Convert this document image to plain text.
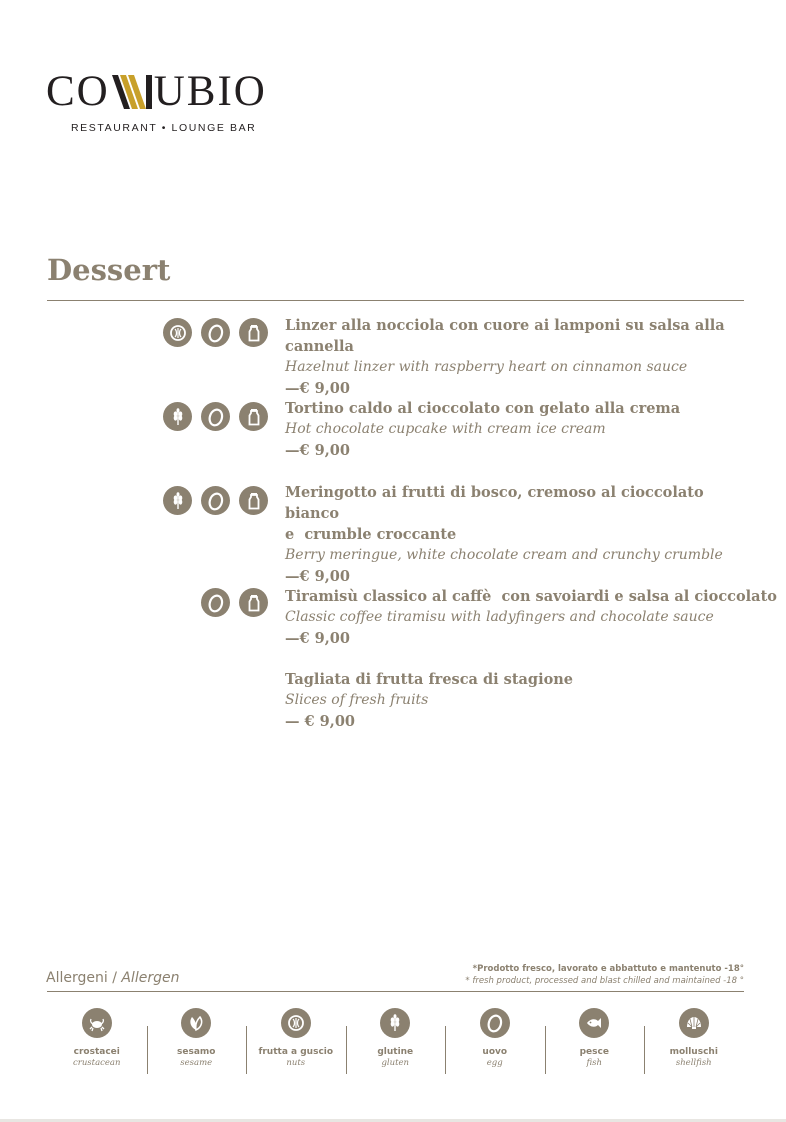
CO UBIO
RESTAURANT • LOUNGE BAR
Dessert
Linzer alla nocciola con cuore ai lamponi su salsa alla cannella
Hazelnut linzer with raspberry heart on cinnamon sauce
—€ 9,00
Tortino caldo al cioccolato con gelato alla crema
Hot chocolate cupcake with cream ice cream
—€ 9,00
Meringotto ai frutti di bosco, cremoso al cioccolato bianco
e  crumble croccante
Berry meringue, white chocolate cream and crunchy crumble
—€ 9,00
Tiramisù classico al caffè  con savoiardi e salsa al cioccolato
Classic coffee tiramisu with ladyfingers and chocolate sauce
—€ 9,00
Tagliata di frutta fresca di stagione
Slices of fresh fruits
— € 9,00
Allergeni / Allergen
*Prodotto fresco, lavorato e abbattuto e mantenuto -18°
* fresh product, processed and blast chilled and maintained -18 °
crostacei
crustacean
sesamo
sesame
frutta a guscio
nuts
glutine
gluten
uovo
egg
pesce
fish
molluschi
shellfish
